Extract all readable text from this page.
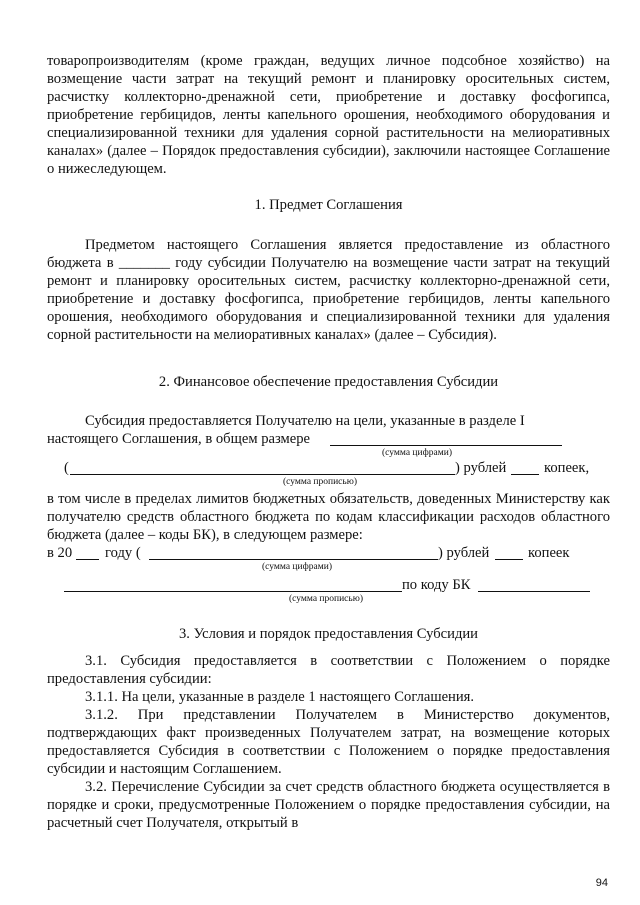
товаропроизводителям (кроме граждан, ведущих личное подсобное хозяйство) на возмещение части затрат на текущий ремонт и планировку оросительных систем, расчистку коллекторно-дренажной сети, приобретение и доставку фосфогипса, приобретение гербицидов, ленты капельного орошения, необходимого оборудования и специализированной техники для удаления сорной растительности на мелиоративных каналах» (далее – Порядок предоставления субсидии), заключили настоящее Соглашение о нижеследующем.

1. Предмет Соглашения

Предметом настоящего Соглашения является предоставление из областного бюджета в _______ году субсидии Получателю на возмещение части затрат на текущий ремонт и планировку оросительных систем, расчистку коллекторно-дренажной сети, приобретение и доставку фосфогипса, приобретение гербицидов, ленты капельного орошения, необходимого оборудования и специализированной техники для удаления сорной растительности на мелиоративных каналах» (далее – Субсидия).

2. Финансовое обеспечение предоставления Субсидии

Субсидия предоставляется Получателю на цели, указанные в разделе I

настоящего Соглашения, в общем размере
(сумма цифрами)
(	) рублей	копеек,
(сумма прописью)

в том числе в пределах лимитов бюджетных обязательств, доведенных Министерству как получателю средств областного бюджета по кодам классификации расходов областного бюджета (далее – коды БК), в следующем размере:

в 20 году (	) рублей	копеек
(сумма цифрами)
по коду БК
(сумма прописью)

3. Условия и порядок предоставления Субсидии

3.1. Субсидия предоставляется в соответствии с Положением о порядке предоставления субсидии:

3.1.1. На цели, указанные в разделе 1 настоящего Соглашения.

3.1.2. При представлении Получателем в Министерство документов, подтверждающих факт произведенных Получателем затрат, на возмещение которых предоставляется Субсидия в соответствии с Положением о порядке предоставления субсидии и настоящим Соглашением.

3.2. Перечисление Субсидии за счет средств областного бюджета осуществляется в порядке и сроки, предусмотренные Положением о порядке предоставления субсидии, на расчетный счет Получателя, открытый в

94
